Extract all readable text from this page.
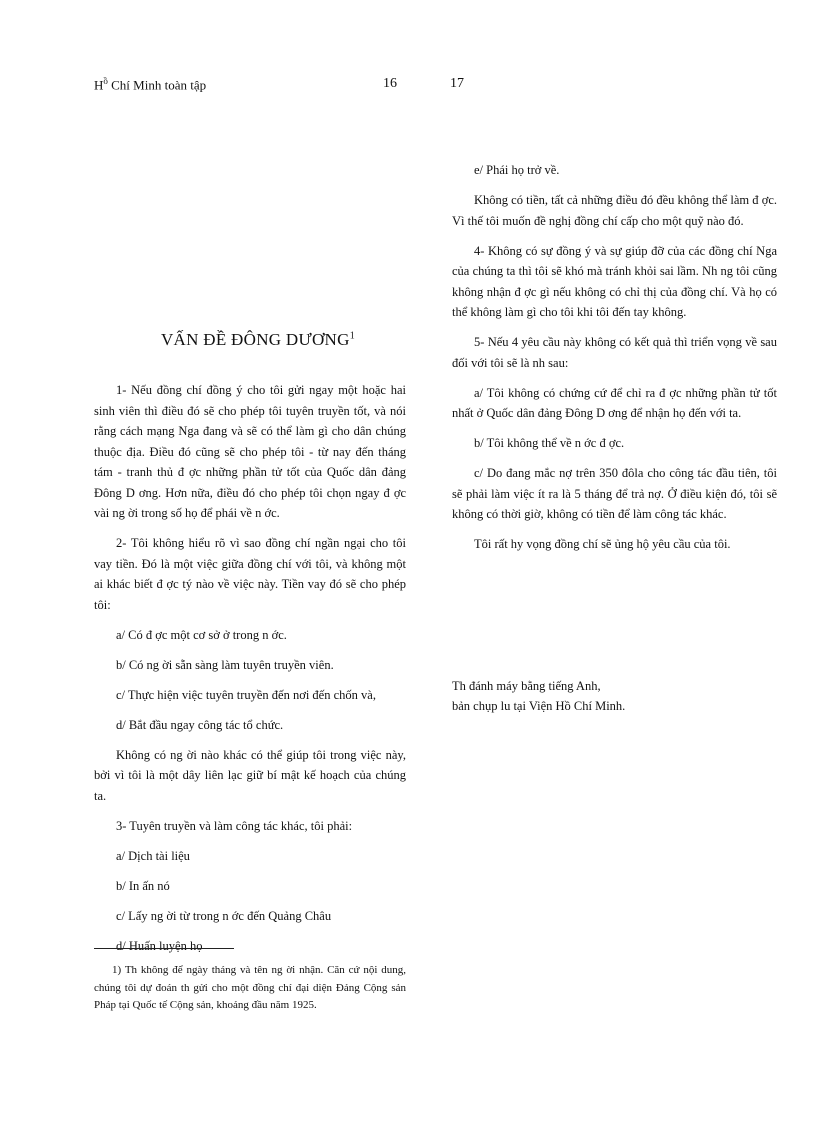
$H^ồ$ Chí Minh toàn tập	16
VẤN ĐỀ ĐÔNG DƯƠNG$^1$

1- Nếu đồng chí đồng ý cho tôi gửi ngay một hoặc hai sinh viên thì điều đó sẽ cho phép tôi tuyên truyền tốt, và nói rằng cách mạng Nga đang và sẽ có thể làm gì cho dân chúng thuộc địa. Điều đó cũng sẽ cho phép tôi - từ nay đến tháng tám - tranh thủ đ ợc những phần tử tốt của Quốc dân đảng Đông D ơng. Hơn nữa, điều đó cho phép tôi chọn ngay đ ợc vài ng ời trong số họ để phái về n ớc.

2- Tôi không hiểu rõ vì sao đồng chí ngần ngại cho tôi vay tiền. Đó là một việc giữa đồng chí với tôi, và không một ai khác biết đ ợc tý nào về việc này. Tiền vay đó sẽ cho phép tôi:

a/ Có đ ợc một cơ sở ở trong n ớc.

b/ Có ng ời sẵn sàng làm tuyên truyền viên.

c/ Thực hiện việc tuyên truyền đến nơi đến chốn và,

d/ Bắt đầu ngay công tác tổ chức.

Không có ng ời nào khác có thể giúp tôi trong việc này, bởi vì tôi là một dây liên lạc giữ bí mật kế hoạch của chúng ta.

3- Tuyên truyền và làm công tác khác, tôi phải:

a/ Dịch tài liệu

b/ In ấn nó

c/ Lấy ng ời từ trong n ớc đến Quảng Châu

d/ Huấn luyện họ

1) Th không để ngày tháng và tên ng ời nhận. Căn cứ nội dung, chúng tôi dự đoán th gửi cho một đồng chí đại diện Đảng Cộng sản Pháp tại Quốc tế Cộng sản, khoảng đầu năm 1925.

17

e/ Phái họ trở về.

Không có tiền, tất cả những điều đó đều không thể làm đ ợc. Vì thế tôi muốn đề nghị đồng chí cấp cho một quỹ nào đó.

4- Không có sự đồng ý và sự giúp đỡ của các đồng chí Nga của chúng ta thì tôi sẽ khó mà tránh khỏi sai lầm. Nh ng tôi cũng không nhận đ ợc gì nếu không có chỉ thị của đồng chí. Và họ có thể không làm gì cho tôi khi tôi đến tay không.

5- Nếu 4 yêu cầu này không có kết quả thì triển vọng về sau đối với tôi sẽ là nh sau:

a/ Tôi không có chứng cứ để chỉ ra đ ợc những phần tử tốt nhất ở Quốc dân đảng Đông D ơng để nhận họ đến với ta.

b/ Tôi không thể về n ớc đ ợc.

c/ Do đang mắc nợ trên 350 đôla cho công tác đầu tiên, tôi sẽ phải làm việc ít ra là 5 tháng để trả nợ. Ở điều kiện đó, tôi sẽ không có thời giờ, không có tiền để làm công tác khác.

Tôi rất hy vọng đồng chí sẽ ủng hộ yêu cầu của tôi.

Th đánh máy bằng tiếng Anh,
bản chụp lu tại Viện Hồ Chí Minh.
